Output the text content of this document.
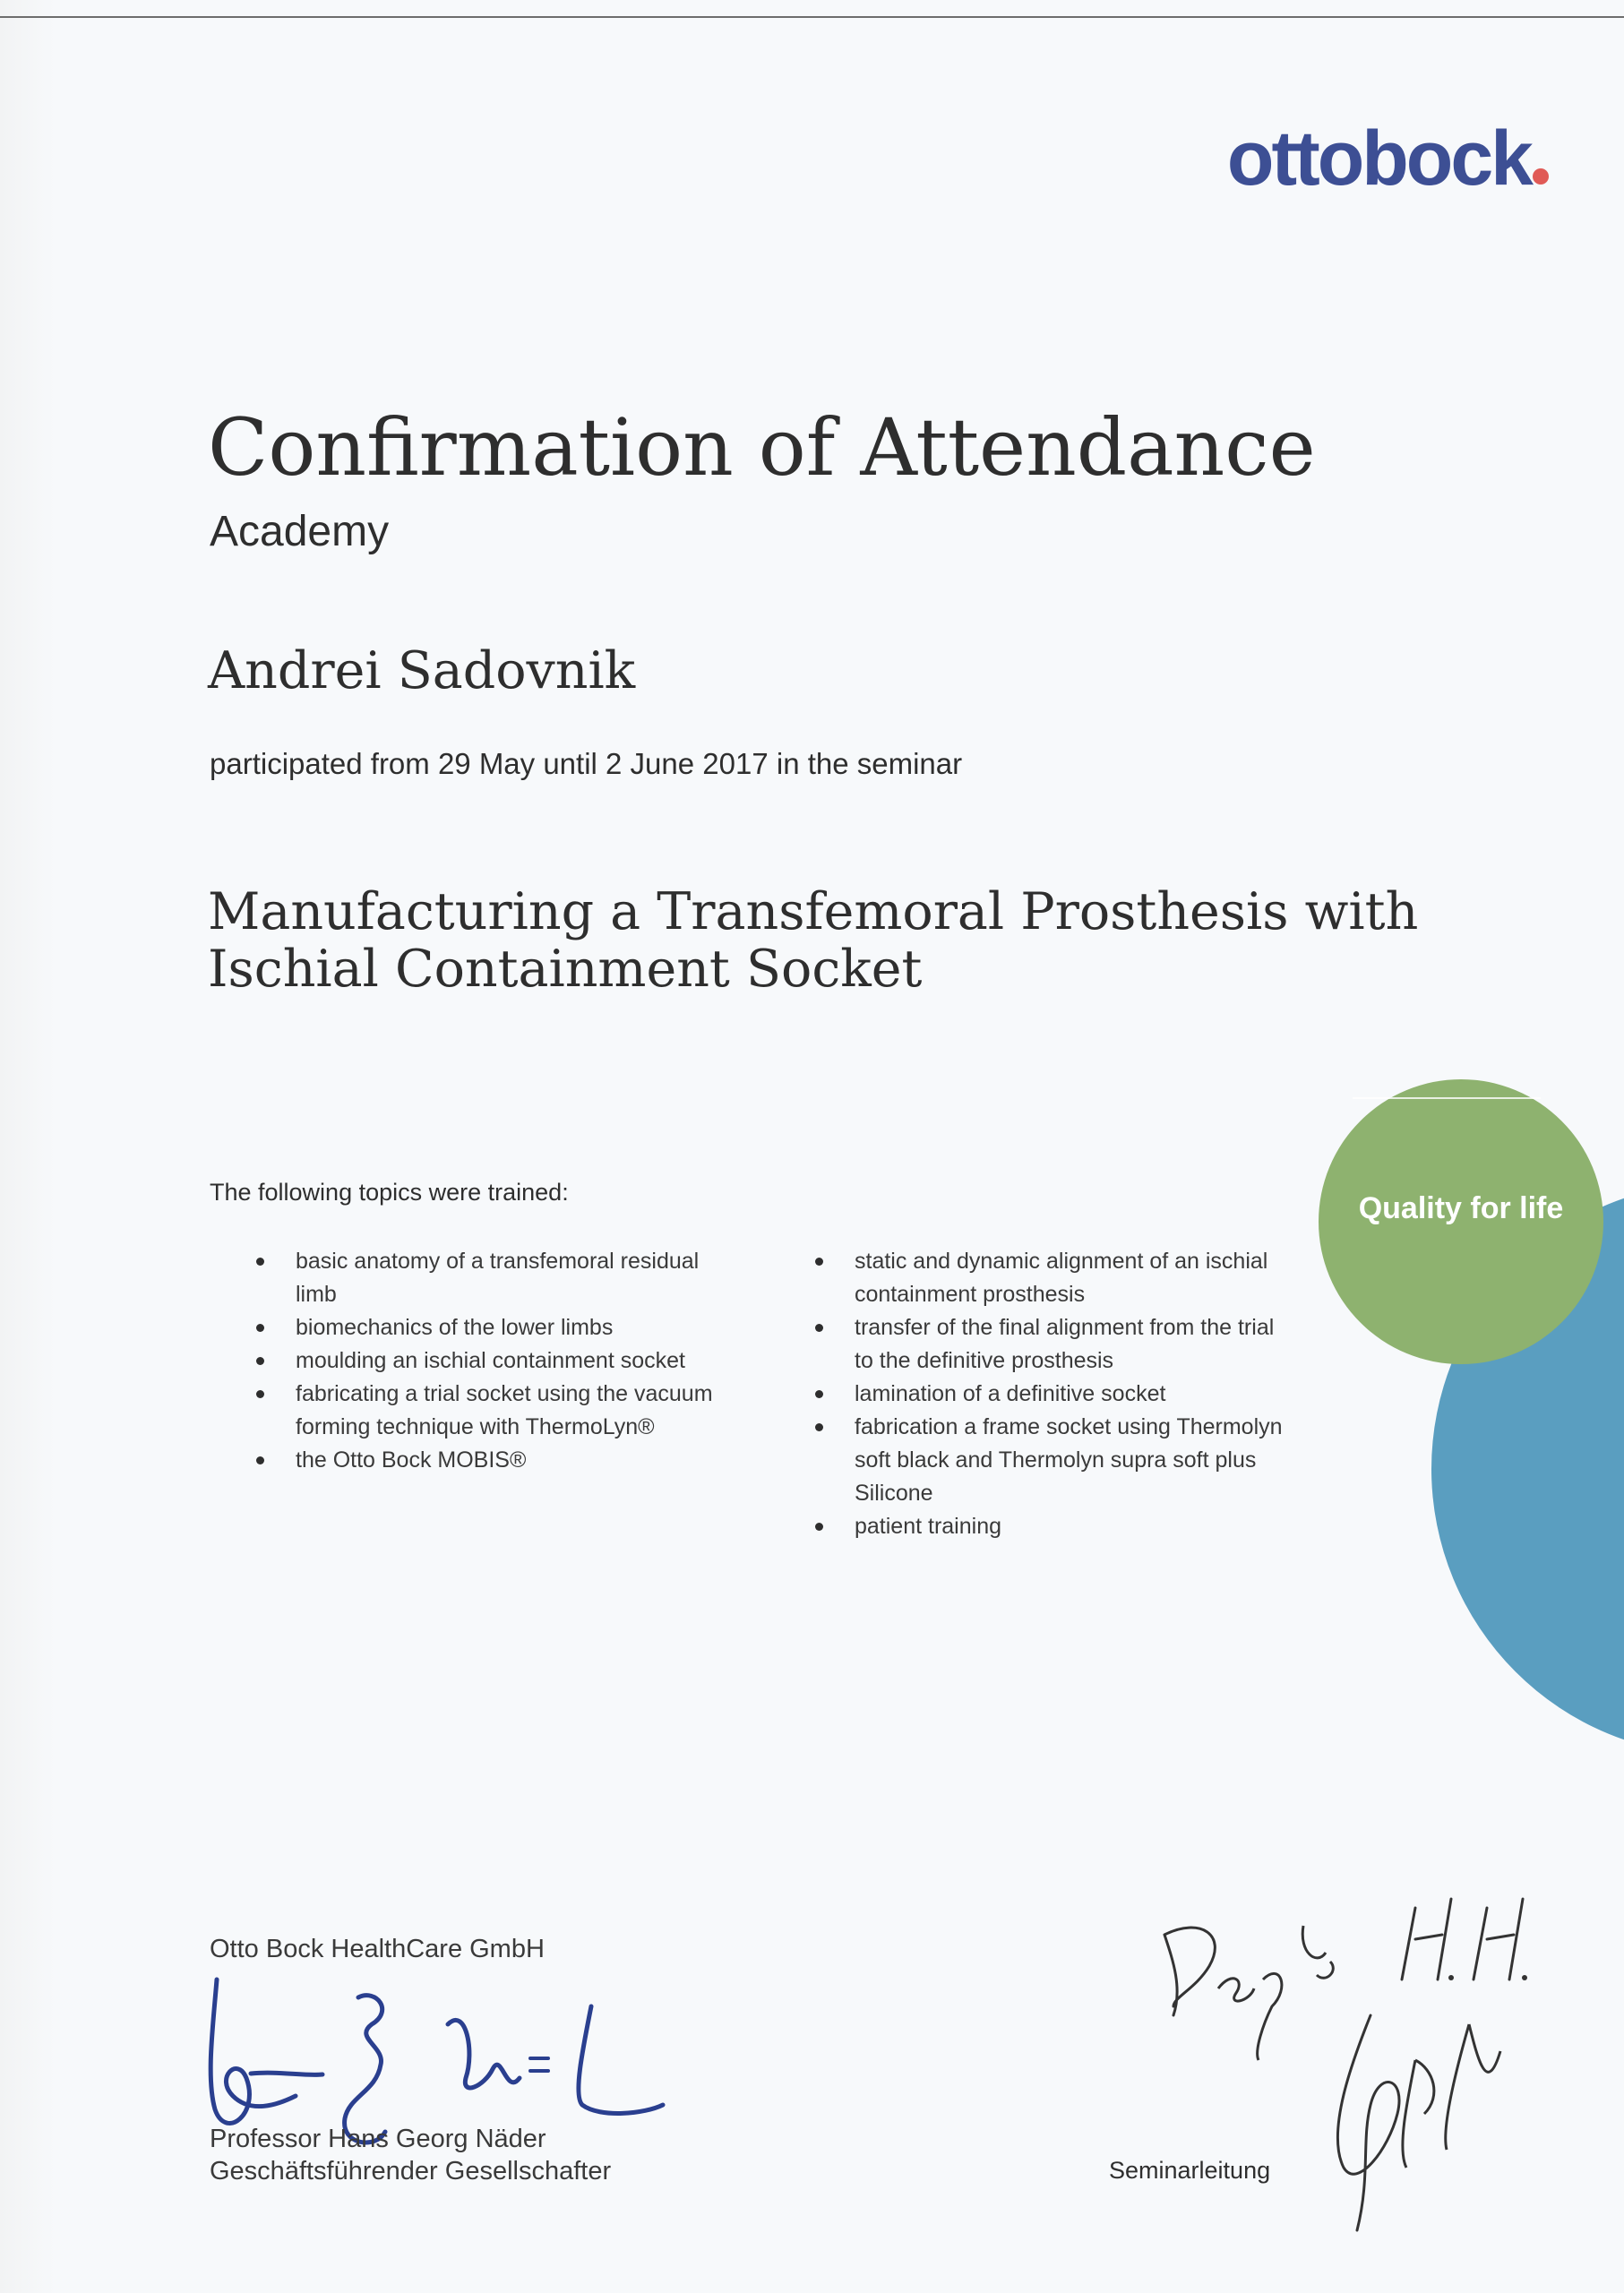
ottobock
Confirmation of Attendance
Academy
Andrei Sadovnik
participated from 29 May until 2 June 2017 in the seminar
Manufacturing a Transfemoral Prosthesis with
Ischial Containment Socket
The following topics were trained:
basic anatomy of a transfemoral residual
limb
biomechanics of the lower limbs
moulding an ischial containment socket
fabricating a trial socket using the vacuum
forming technique with ThermoLyn®
the Otto Bock MOBIS®
static and dynamic alignment of an ischial
containment prosthesis
transfer of the final alignment from the trial
to the definitive prosthesis
lamination of a definitive socket
fabrication a frame socket using Thermolyn
soft black and Thermolyn supra soft plus
Silicone
patient training
Quality for life
Otto Bock HealthCare GmbH
Professor Hans Georg Näder
Geschäftsführender Gesellschafter	Seminarleitung
